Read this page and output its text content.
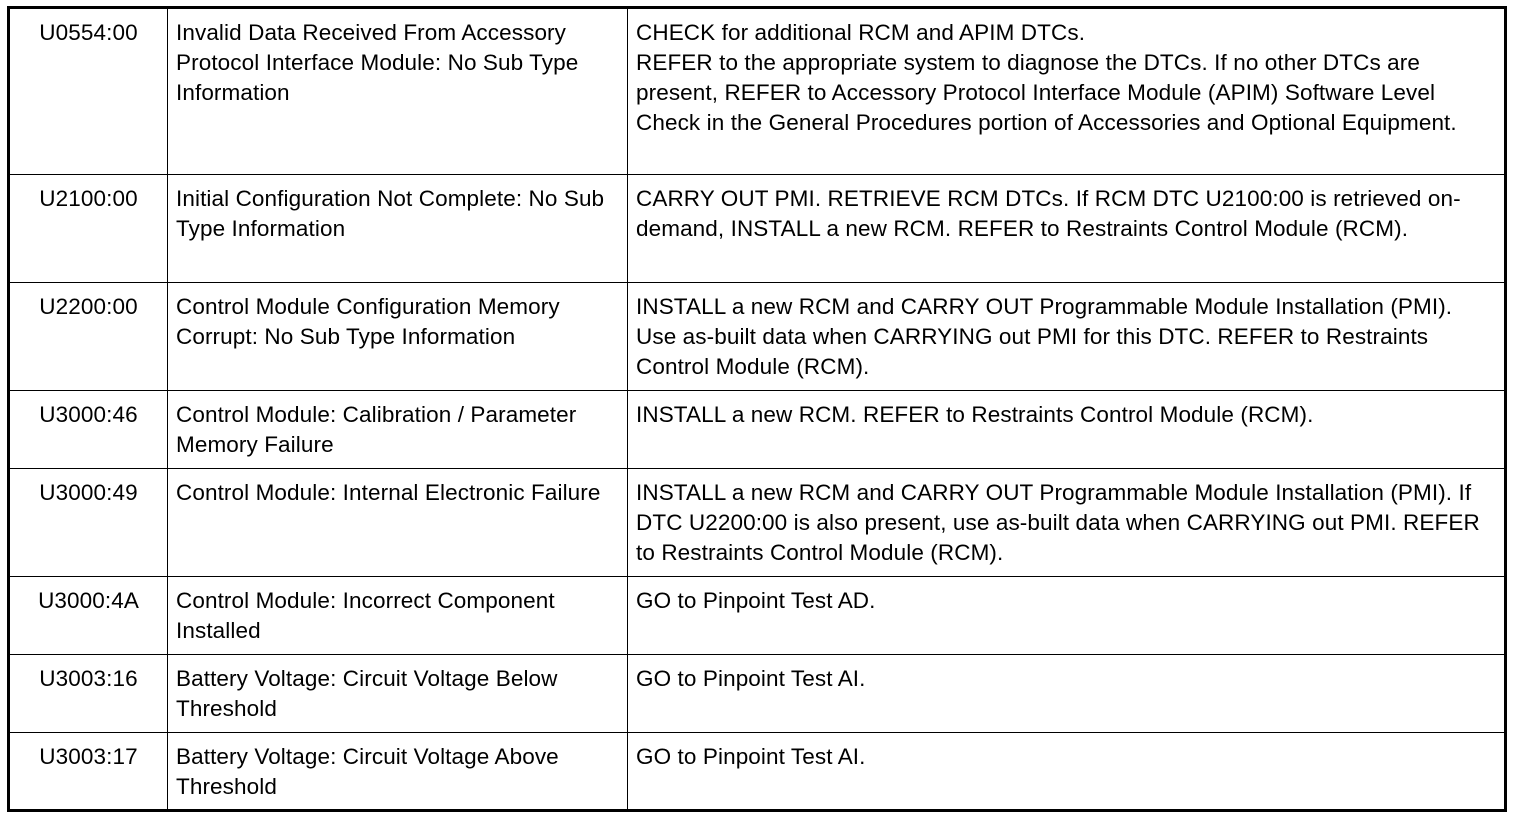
U0554:00	Invalid Data Received From Accessory Protocol Interface Module: No Sub Type Information	CHECK for additional RCM and APIM DTCs.
REFER to the appropriate system to diagnose the DTCs. If no other DTCs are present, REFER to Accessory Protocol Interface Module (APIM) Software Level Check in the General Procedures portion of Accessories and Optional Equipment.

U2100:00	Initial Configuration Not Complete: No Sub Type Information	CARRY OUT PMI. RETRIEVE RCM DTCs. If RCM DTC U2100:00 is retrieved on-demand, INSTALL a new RCM. REFER to Restraints Control Module (RCM).

U2200:00	Control Module Configuration Memory Corrupt: No Sub Type Information	INSTALL a new RCM and CARRY OUT Programmable Module Installation (PMI). Use as-built data when CARRYING out PMI for this DTC. REFER to Restraints Control Module (RCM).

U3000:46	Control Module: Calibration / Parameter Memory Failure	INSTALL a new RCM. REFER to Restraints Control Module (RCM).

U3000:49	Control Module: Internal Electronic Failure	INSTALL a new RCM and CARRY OUT Programmable Module Installation (PMI). If DTC U2200:00 is also present, use as-built data when CARRYING out PMI. REFER to Restraints Control Module (RCM).

U3000:4A	Control Module: Incorrect Component Installed	GO to Pinpoint Test AD.

U3003:16	Battery Voltage: Circuit Voltage Below Threshold	GO to Pinpoint Test AI.

U3003:17	Battery Voltage: Circuit Voltage Above Threshold	GO to Pinpoint Test AI.
